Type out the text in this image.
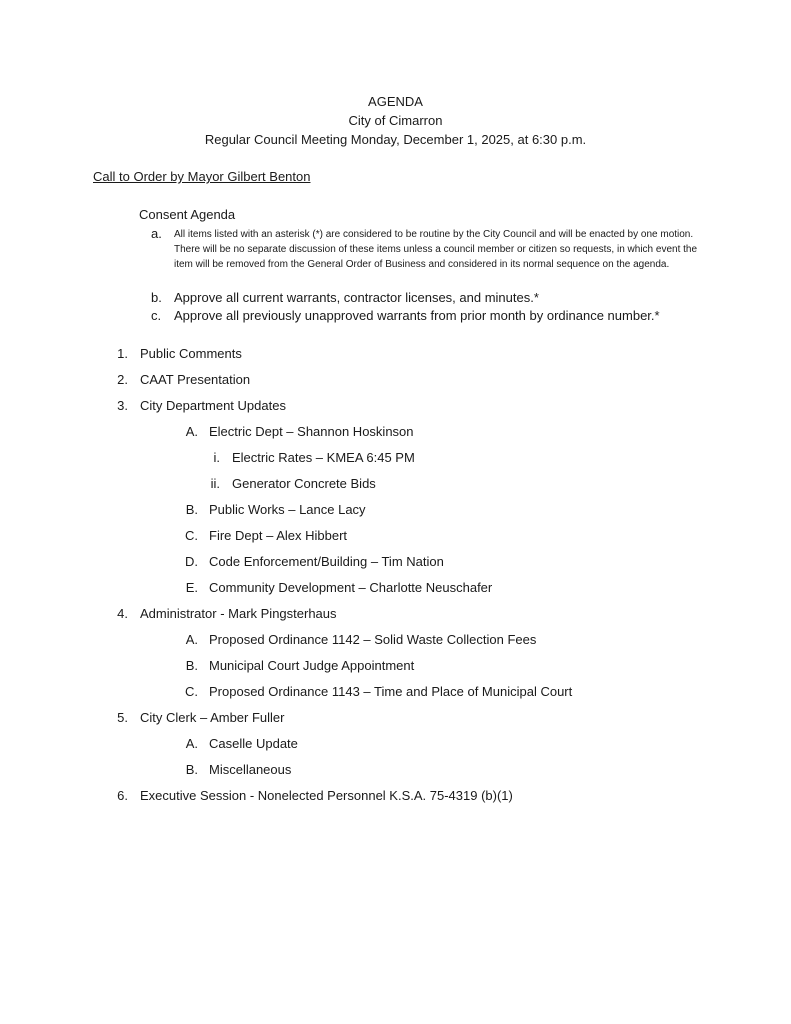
AGENDA
City of Cimarron
Regular Council Meeting Monday, December 1, 2025, at 6:30 p.m.
Call to Order by Mayor Gilbert Benton
Consent Agenda
a. All items listed with an asterisk (*) are considered to be routine by the City Council and will be enacted by one motion. There will be no separate discussion of these items unless a council member or citizen so requests, in which event the item will be removed from the General Order of Business and considered in its normal sequence on the agenda.
b. Approve all current warrants, contractor licenses, and minutes.*
c. Approve all previously unapproved warrants from prior month by ordinance number.*
1. Public Comments
2. CAAT Presentation
3. City Department Updates
A. Electric Dept – Shannon Hoskinson
i. Electric Rates – KMEA 6:45 PM
ii. Generator Concrete Bids
B. Public Works – Lance Lacy
C. Fire Dept – Alex Hibbert
D. Code Enforcement/Building – Tim Nation
E. Community Development – Charlotte Neuschafer
4. Administrator - Mark Pingsterhaus
A. Proposed Ordinance 1142 – Solid Waste Collection Fees
B. Municipal Court Judge Appointment
C. Proposed Ordinance 1143 – Time and Place of Municipal Court
5. City Clerk – Amber Fuller
A. Caselle Update
B. Miscellaneous
6. Executive Session - Nonelected Personnel K.S.A. 75-4319 (b)(1)
